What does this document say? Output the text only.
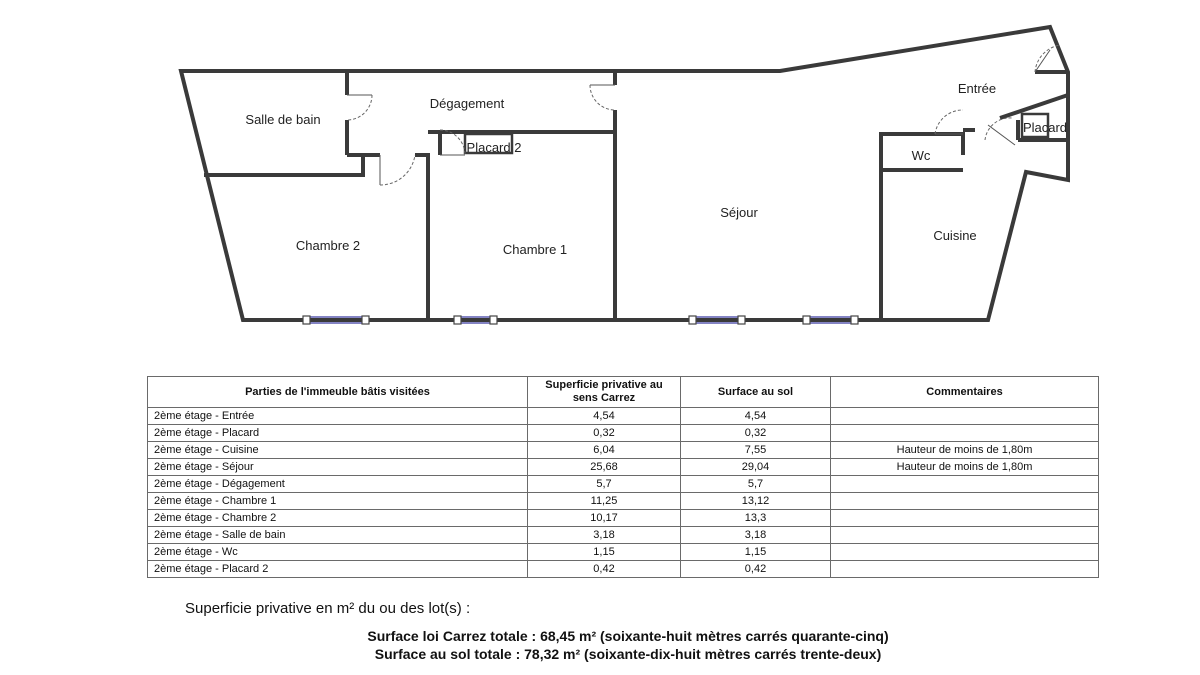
Salle de bain
Dégagement
Placard 2
Chambre 2	Chambre 1
Séjour
Entrée
Placard
Wc
Cuisine
Parties de l'immeuble bâtis visitées	Superficie privative au sens Carrez	Surface au sol	Commentaires
2ème étage - Entrée	4,54	4,54	
2ème étage - Placard	0,32	0,32	
2ème étage - Cuisine	6,04	7,55	Hauteur de moins de 1,80m
2ème étage - Séjour	25,68	29,04	Hauteur de moins de 1,80m
2ème étage - Dégagement	5,7	5,7	
2ème étage - Chambre 1	11,25	13,12	
2ème étage - Chambre 2	10,17	13,3	
2ème étage - Salle de bain	3,18	3,18	
2ème étage - Wc	1,15	1,15	
2ème étage - Placard 2	0,42	0,42	
Superficie privative en m² du ou des lot(s) :
Surface loi Carrez totale : 68,45 m² (soixante-huit mètres carrés quarante-cinq)
Surface au sol totale : 78,32 m² (soixante-dix-huit mètres carrés trente-deux)
